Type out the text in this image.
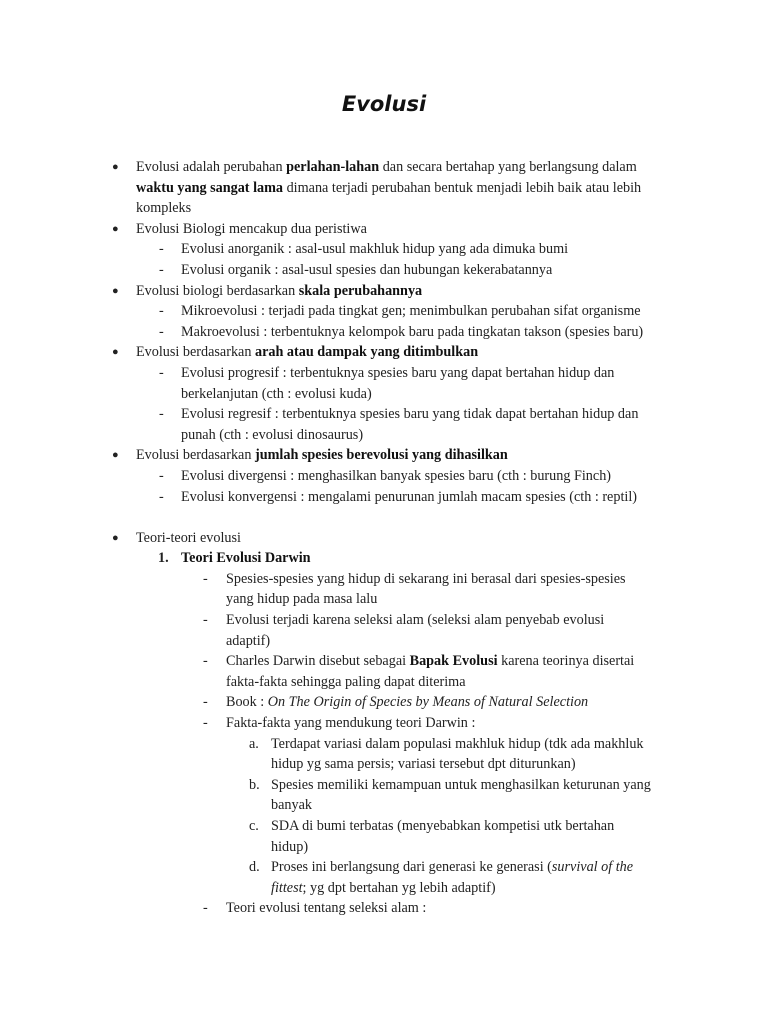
Evolusi
● Evolusi adalah perubahan perlahan-lahan dan secara bertahap yang berlangsung dalam
waktu yang sangat lama dimana terjadi perubahan bentuk menjadi lebih baik atau lebih
kompleks
● Evolusi Biologi mencakup dua peristiwa
- Evolusi anorganik : asal-usul makhluk hidup yang ada dimuka bumi
- Evolusi organik : asal-usul spesies dan hubungan kekerabatannya
● Evolusi biologi berdasarkan skala perubahannya
- Mikroevolusi : terjadi pada tingkat gen; menimbulkan perubahan sifat organisme
- Makroevolusi : terbentuknya kelompok baru pada tingkatan takson (spesies baru)
● Evolusi berdasarkan arah atau dampak yang ditimbulkan
- Evolusi progresif : terbentuknya spesies baru yang dapat bertahan hidup dan
berkelanjutan (cth : evolusi kuda)
- Evolusi regresif : terbentuknya spesies baru yang tidak dapat bertahan hidup dan
punah (cth : evolusi dinosaurus)
● Evolusi berdasarkan jumlah spesies berevolusi yang dihasilkan
- Evolusi divergensi : menghasilkan banyak spesies baru (cth : burung Finch)
- Evolusi konvergensi : mengalami penurunan jumlah macam spesies (cth : reptil)
● Teori-teori evolusi
1. Teori Evolusi Darwin
- Spesies-spesies yang hidup di sekarang ini berasal dari spesies-spesies
yang hidup pada masa lalu
- Evolusi terjadi karena seleksi alam (seleksi alam penyebab evolusi
adaptif)
- Charles Darwin disebut sebagai Bapak Evolusi karena teorinya disertai
fakta-fakta sehingga paling dapat diterima
- Book : On The Origin of Species by Means of Natural Selection
- Fakta-fakta yang mendukung teori Darwin :
a. Terdapat variasi dalam populasi makhluk hidup (tdk ada makhluk
hidup yg sama persis; variasi tersebut dpt diturunkan)
b. Spesies memiliki kemampuan untuk menghasilkan keturunan yang
banyak
c. SDA di bumi terbatas (menyebabkan kompetisi utk bertahan
hidup)
d. Proses ini berlangsung dari generasi ke generasi (survival of the
fittest; yg dpt bertahan yg lebih adaptif)
- Teori evolusi tentang seleksi alam :
